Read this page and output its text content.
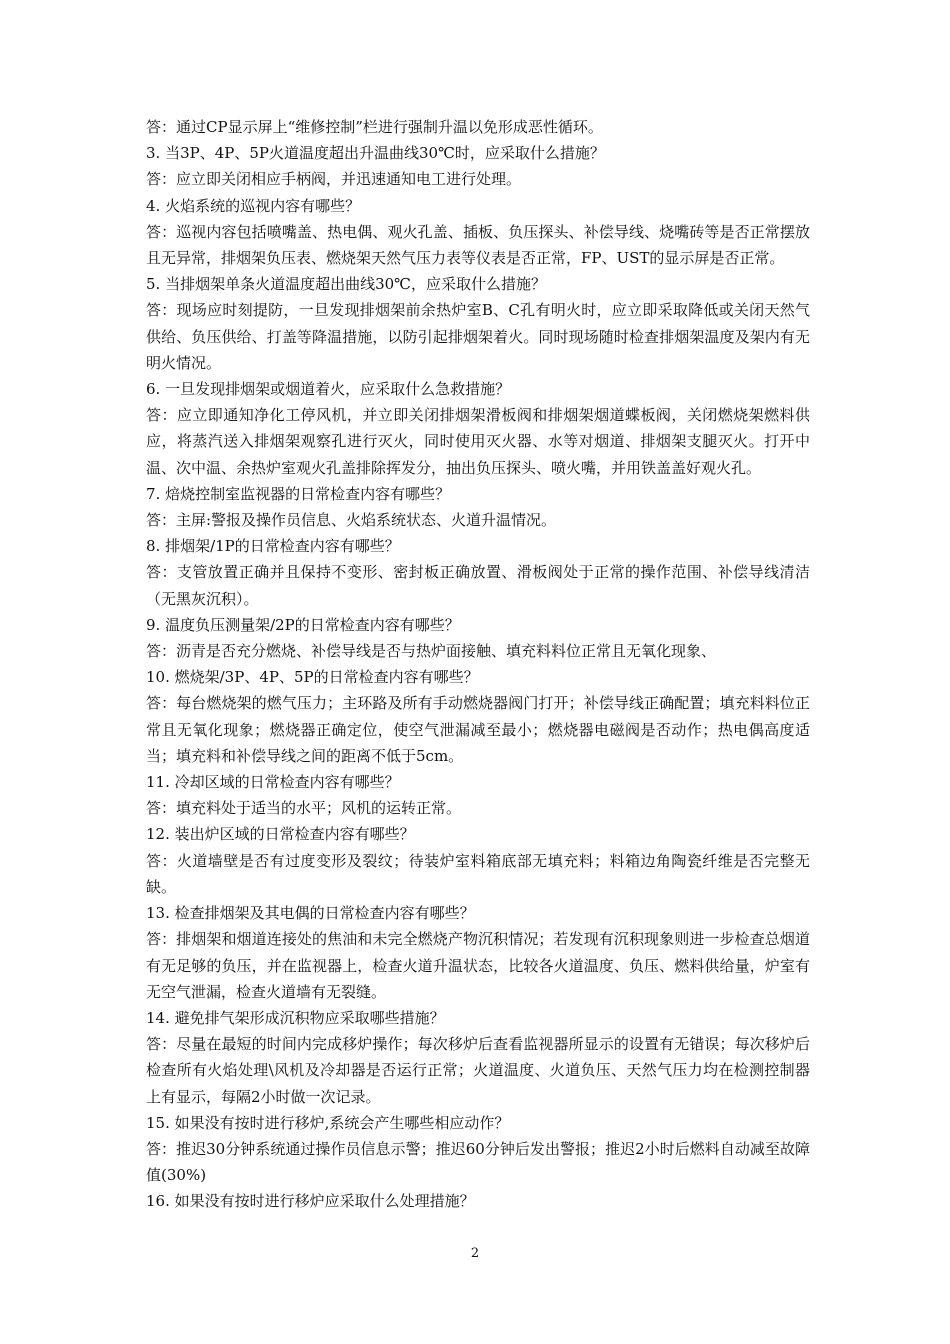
答：通过CP显示屏上“维修控制”栏进行强制升温以免形成恶性循环。

3. 当3P、4P、5P火道温度超出升温曲线30℃时，应采取什么措施？

答：应立即关闭相应手柄阀，并迅速通知电工进行处理。

4. 火焰系统的巡视内容有哪些？

答：巡视内容包括喷嘴盖、热电偶、观火孔盖、插板、负压探头、补偿导线、烧嘴砖等是否正常摆放且无异常，排烟架负压表、燃烧架天然气压力表等仪表是否正常，FP、UST的显示屏是否正常。

5. 当排烟架单条火道温度超出曲线30℃，应采取什么措施？

答：现场应时刻提防，一旦发现排烟架前余热炉室B、C孔有明火时，应立即采取降低或关闭天然气供给、负压供给、打盖等降温措施，以防引起排烟架着火。同时现场随时检查排烟架温度及架内有无明火情况。

6. 一旦发现排烟架或烟道着火，应采取什么急救措施？

答：应立即通知净化工停风机，并立即关闭排烟架滑板阀和排烟架烟道蝶板阀，关闭燃烧架燃料供应，将蒸汽送入排烟架观察孔进行灭火，同时使用灭火器、水等对烟道、排烟架支腿灭火。打开中温、次中温、余热炉室观火孔盖排除挥发分，抽出负压探头、喷火嘴，并用铁盖盖好观火孔。

7. 焙烧控制室监视器的日常检查内容有哪些？

答：主屏:警报及操作员信息、火焰系统状态、火道升温情况。

8. 排烟架/1P的日常检查内容有哪些？

答：支管放置正确并且保持不变形、密封板正确放置、滑板阀处于正常的操作范围、补偿导线清洁（无黑灰沉积）。

9. 温度负压测量架/2P的日常检查内容有哪些？

答：沥青是否充分燃烧、补偿导线是否与热炉面接触、填充料料位正常且无氧化现象、

10. 燃烧架/3P、4P、5P的日常检查内容有哪些？

答：每台燃烧架的燃气压力；主环路及所有手动燃烧器阀门打开；补偿导线正确配置；填充料料位正常且无氧化现象；燃烧器正确定位，使空气泄漏减至最小；燃烧器电磁阀是否动作；热电偶高度适当；填充料和补偿导线之间的距离不低于5cm。

11. 冷却区域的日常检查内容有哪些？

答：填充料处于适当的水平；风机的运转正常。

12. 装出炉区域的日常检查内容有哪些？

答：火道墙壁是否有过度变形及裂纹；待装炉室料箱底部无填充料；料箱边角陶瓷纤维是否完整无缺。

13. 检查排烟架及其电偶的日常检查内容有哪些？

答：排烟架和烟道连接处的焦油和未完全燃烧产物沉积情况；若发现有沉积现象则进一步检查总烟道有无足够的负压，并在监视器上，检查火道升温状态，比较各火道温度、负压、燃料供给量，炉室有无空气泄漏，检查火道墙有无裂缝。

14. 避免排气架形成沉积物应采取哪些措施？

答：尽量在最短的时间内完成移炉操作；每次移炉后查看监视器所显示的设置有无错误；每次移炉后检查所有火焰处理\风机及冷却器是否运行正常；火道温度、火道负压、天然气压力均在检测控制器上有显示，每隔2小时做一次记录。

15. 如果没有按时进行移炉,系统会产生哪些相应动作？

答：推迟30分钟系统通过操作员信息示警；推迟60分钟后发出警报；推迟2小时后燃料自动减至故障值(30%)

16. 如果没有按时进行移炉应采取什么处理措施？

2
